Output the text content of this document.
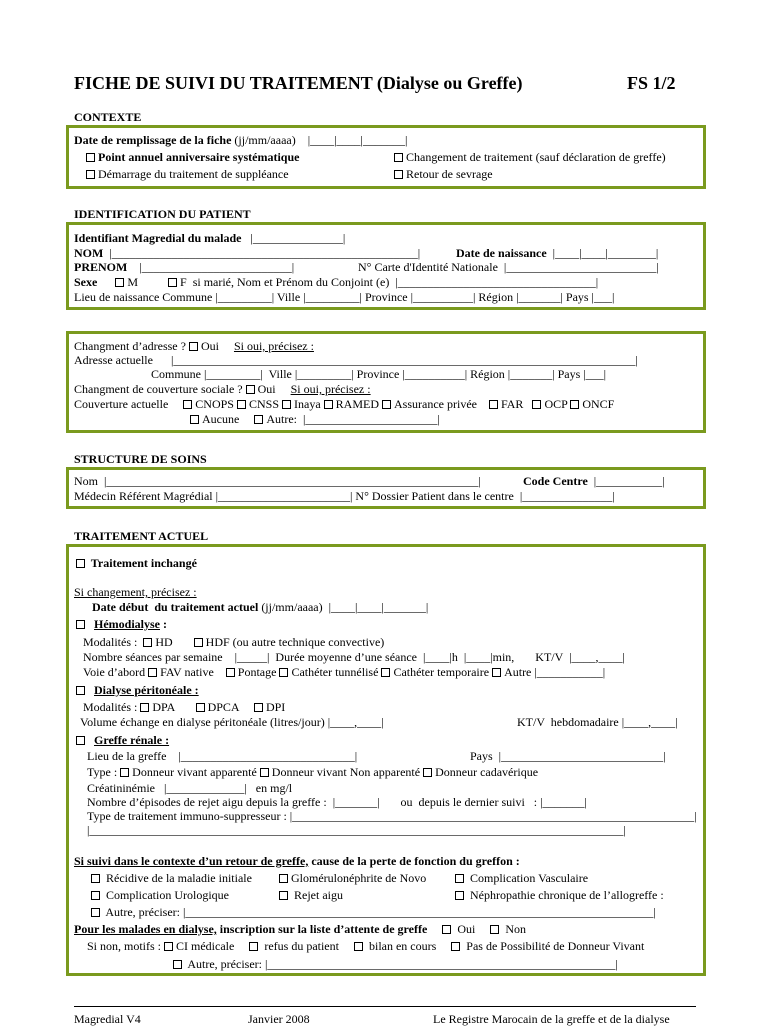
FICHE DE SUIVI DU TRAITEMENT (Dialyse ou Greffe)	FS 1/2
CONTEXTE
Date de remplissage de la fiche (jj/mm/aaaa) |____|____|_______|
Point annuel anniversaire systématique	Changement de traitement (sauf déclaration de greffe)
Démarrage du traitement de suppléance	Retour de sevrage
IDENTIFICATION DU PATIENT
Identifiant Magredial du malade |_______________|
NOM |___________________________________________________|	Date de naissance |____|____|________|
PRENOM |_________________________|	N° Carte d'Identité Nationale |_________________________|
Sexe	M	F si marié, Nom et Prénom du Conjoint (e) |_________________________________|
Lieu de naissance Commune |_________| Ville |_________| Province |__________| Région |_______| Pays |___|
Changment d’adresse ? Oui Si oui, précisez :
Adresse actuelle |_____________________________________________________________________________|
Commune |_________|  Ville |_________| Province |__________| Région |_______| Pays |___|
Changment de couverture sociale ? Oui Si oui, précisez :
Couverture actuelle CNOPS CNSS Inaya RAMED Assurance privée FAR OCP ONCF
Aucune Autre: |______________________|
STRUCTURE DE SOINS
Nom |______________________________________________________________|	Code Centre |___________|
Médecin Référent Magrédial |______________________| N° Dossier Patient dans le centre |_______________|
TRAITEMENT ACTUEL
Traitement inchangé
Si changement, précisez :
Date début  du traitement actuel (jj/mm/aaaa) |____|____|_______|
Hémodialyse :
Modalités : HD	HDF (ou autre technique convective)
Nombre séances par semaine    |_____|  Durée moyenne d’une séance  |____|h  |____|min,       KT/V  |____,____|
Voie d’abord FAV native Pontage Cathéter tunnélisé Cathéter temporaire Autre |___________|
Dialyse péritonéale :
Modalités : DPA	DPCA DPI
Volume échange en dialyse péritonéale (litres/jour) |____,____|	KT/V  hebdomadaire |____,____|
Greffe rénale :
Lieu de la greffe    |_____________________________|	Pays  |___________________________|
Type : Donneur vivant apparenté Donneur vivant Non apparenté Donneur cadavérique
Créatininémie   |_____________|   en mg/l
Nombre d’épisodes de rejet aigu depuis la greffe :  |_______|       ou  depuis le dernier suivi   : |_______|
Type de traitement immuno-suppresseur : |___________________________________________________________________|
|_________________________________________________________________________________________|
Si suivi dans le contexte d’un retour de greffe, cause de la perte de fonction du greffon :
Récidive de la maladie initiale	Glomérulonéphrite de Novo	Complication Vasculaire
Complication Urologique	Rejet aigu	Néphropathie chronique de l’allogreffe :
Autre, préciser: |______________________________________________________________________________|
Pour les malades en dialyse, inscription sur la liste d’attente de greffe	Oui	Non
Si non, motifs : CI médicale	refus du patient	bilan en cours	Pas de Possibilité de Donneur Vivant
Autre, préciser: |__________________________________________________________|
Magredial V4	Janvier 2008	Le Registre Marocain de la greffe et de la dialyse
